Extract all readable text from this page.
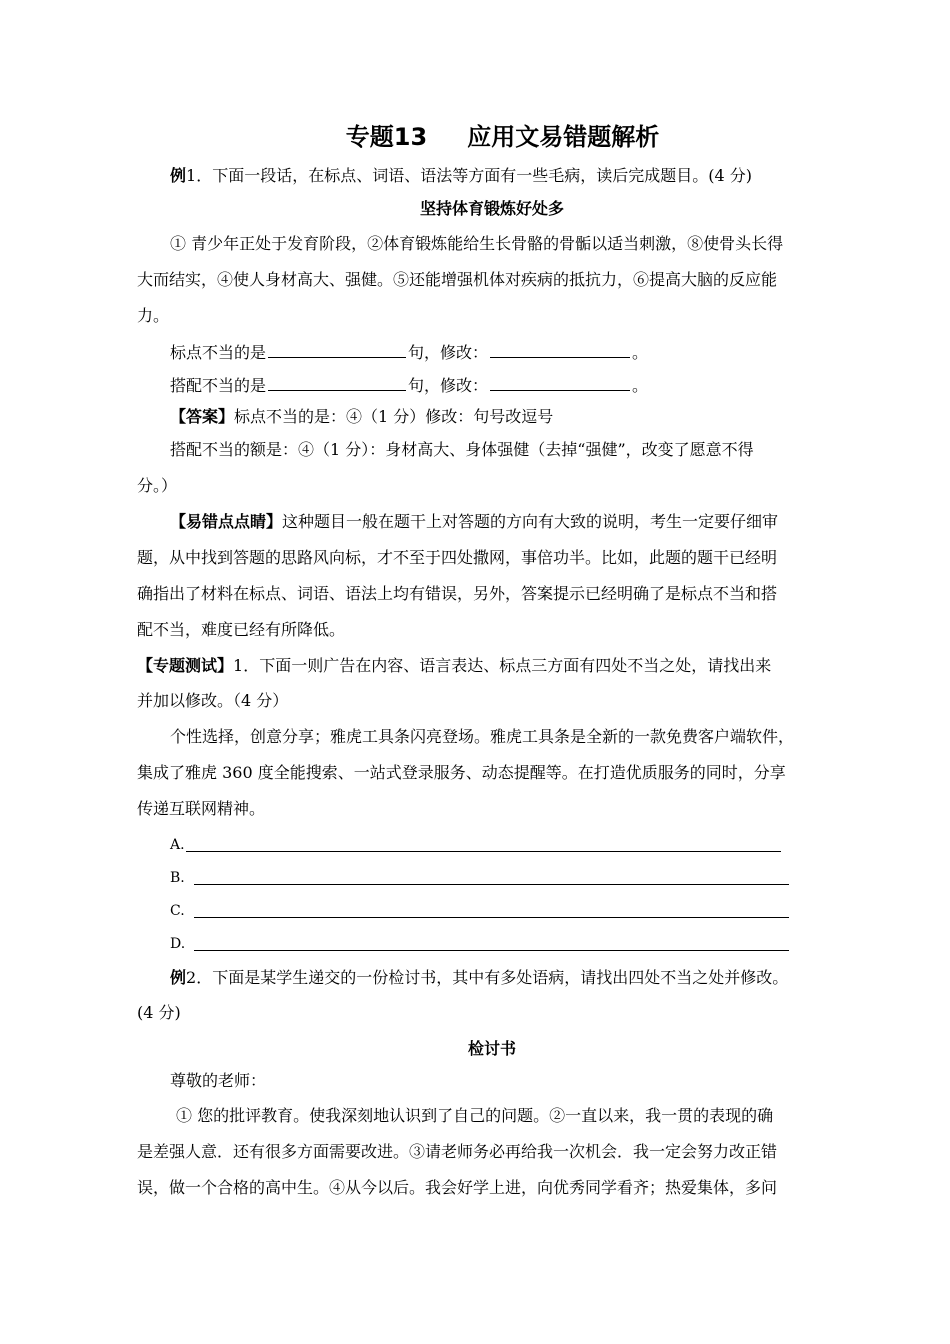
专题13 应用文易错题解析
例1．下面一段话，在标点、词语、语法等方面有一些毛病，读后完成题目。(4 分)
坚持体育锻炼好处多
① 青少年正处于发育阶段，②体育锻炼能给生长骨骼的骨骺以适当刺激，⑧使骨头长得
大而结实，④使人身材高大、强健。⑤还能增强机体对疾病的抵抗力，⑥提高大脑的反应能
力。
标点不当的是	句，修改：	。
搭配不当的是	句，修改：	。
【答案】标点不当的是：④（1 分）修改：句号改逗号
搭配不当的额是：④（1 分）：身材高大、身体强健（去掉“强健”，改变了愿意不得
分。）
【易错点点睛】这种题目一般在题干上对答题的方向有大致的说明，考生一定要仔细审
题，从中找到答题的思路风向标，才不至于四处撒网，事倍功半。比如，此题的题干已经明
确指出了材料在标点、词语、语法上均有错误，另外，答案提示已经明确了是标点不当和搭
配不当，难度已经有所降低。
【专题测试】1．下面一则广告在内容、语言表达、标点三方面有四处不当之处，请找出来
并加以修改。（4 分）
个性选择，创意分享；雅虎工具条闪亮登场。雅虎工具条是全新的一款免费客户端软件，
集成了雅虎 360 度全能搜索、一站式登录服务、动态提醒等。在打造优质服务的同时，分享
传递互联网精神。
A.
B.
C.
D.
例2．下面是某学生递交的一份检讨书，其中有多处语病，请找出四处不当之处并修改。
(4 分)
检讨书
尊敬的老师：
① 您的批评教育。使我深刻地认识到了自己的问题。②一直以来，我一贯的表现的确
是差强人意．还有很多方面需要改进。③请老师务必再给我一次机会．我一定会努力改正错
误，做一个合格的高中生。④从今以后。我会好学上进，向优秀同学看齐；热爱集体，多问
